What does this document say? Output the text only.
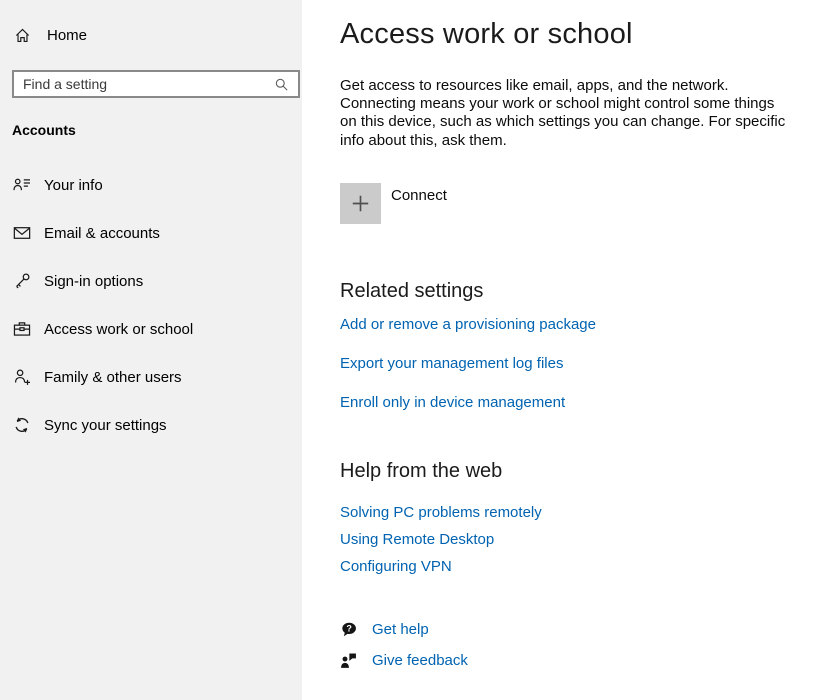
Home
Find a setting
Accounts
Your info
Email & accounts
Sign-in options
Access work or school
Family & other users
Sync your settings
Access work or school

Get access to resources like email, apps, and the network. Connecting means your work or school might control some things on this device, such as which settings you can change. For specific info about this, ask them.

Connect
Related settings
Add or remove a provisioning package
Export your management log files
Enroll only in device management
Help from the web
Solving PC problems remotely
Using Remote Desktop
Configuring VPN
? Get help
Give feedback
